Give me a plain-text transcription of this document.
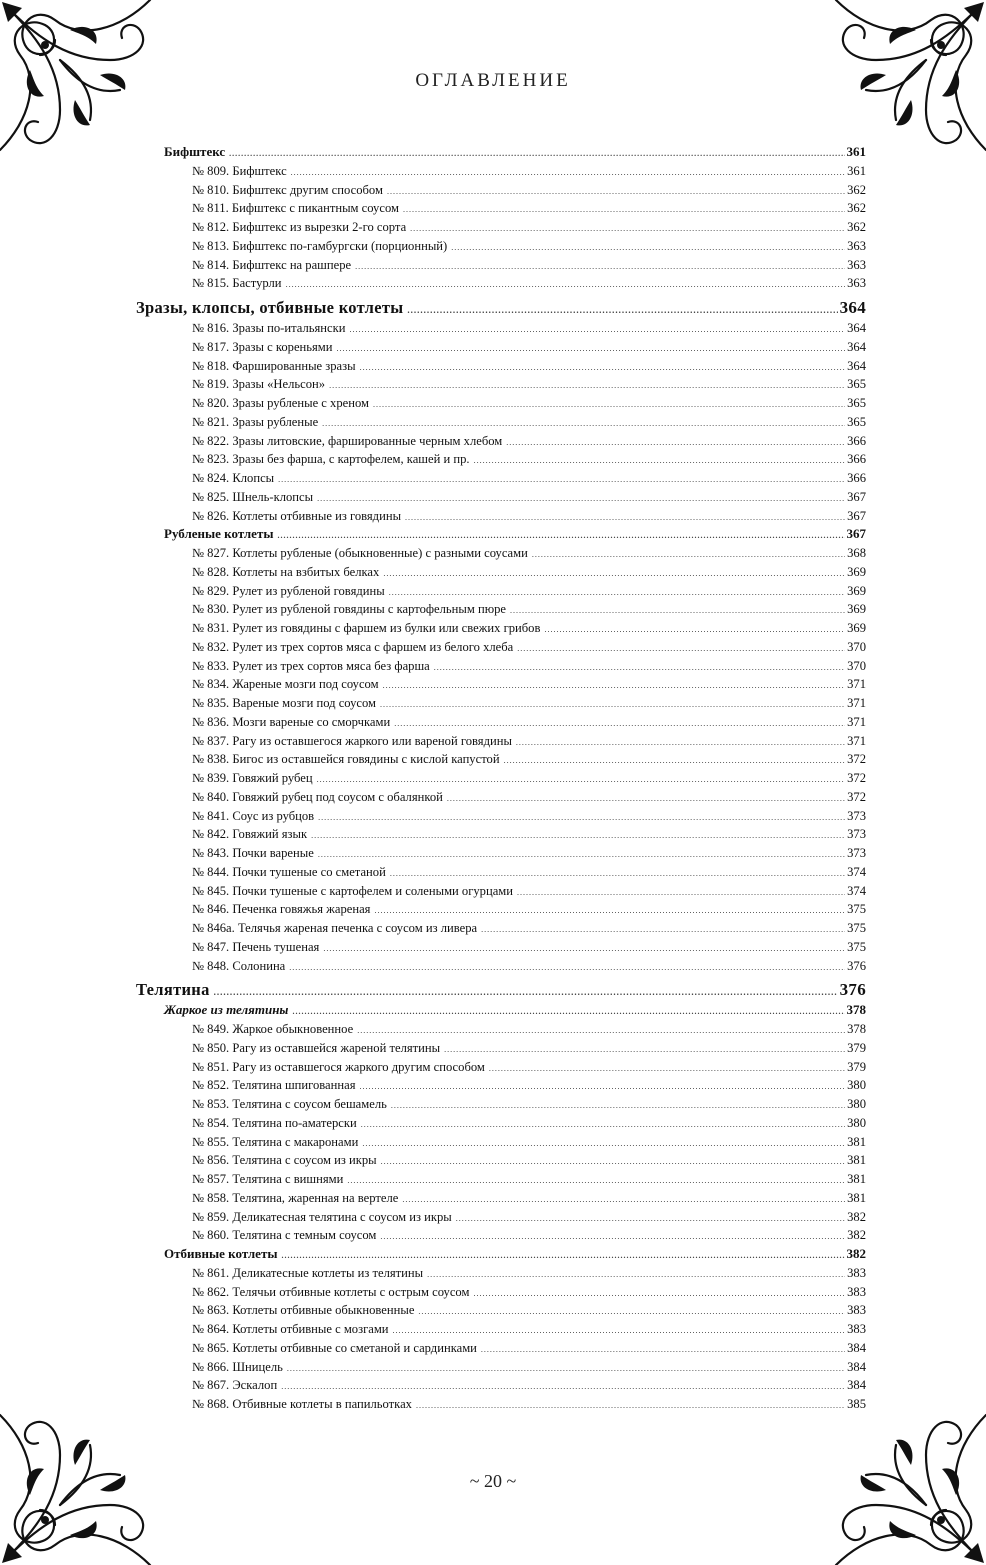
ОГЛАВЛЕНИЕ
Бифштекс .....	361
№ 809. Бифштекс .....	361
№ 810. Бифштекс другим способом .....	362
№ 811. Бифштекс с пикантным соусом .....	362
№ 812. Бифштекс из вырезки 2-го сорта .....	362
№ 813. Бифштекс по-гамбургски (порционный) .....	363
№ 814. Бифштекс на рашпере .....	363
№ 815. Бастурли .....	363
Зразы, клопсы, отбивные котлеты .....	364
№ 816. Зразы по-итальянски .....	364
№ 817. Зразы с кореньями .....	364
№ 818. Фаршированные зразы .....	364
№ 819. Зразы «Нельсон» .....	365
№ 820. Зразы рубленые с хреном .....	365
№ 821. Зразы рубленые .....	365
№ 822. Зразы литовские, фаршированные черным хлебом .....	366
№ 823. Зразы без фарша, с картофелем, кашей и пр. .....	366
№ 824. Клопсы .....	366
№ 825. Шнель-клопсы .....	367
№ 826. Котлеты отбивные из говядины .....	367
Рубленые котлеты .....	367
№ 827. Котлеты рубленые (обыкновенные) с разными соусами .....	368
№ 828. Котлеты на взбитых белках .....	369
№ 829. Рулет из рубленой говядины .....	369
№ 830. Рулет из рубленой говядины с картофельным пюре .....	369
№ 831. Рулет из говядины с фаршем из булки или свежих грибов .....	369
№ 832. Рулет из трех сортов мяса с фаршем из белого хлеба .....	370
№ 833. Рулет из трех сортов мяса без фарша .....	370
№ 834. Жареные мозги под соусом .....	371
№ 835. Вареные мозги под соусом .....	371
№ 836. Мозги вареные со сморчками .....	371
№ 837. Рагу из оставшегося жаркого или вареной говядины .....	371
№ 838. Бигос из оставшейся говядины с кислой капустой .....	372
№ 839. Говяжий рубец .....	372
№ 840. Говяжий рубец под соусом с обалянкой .....	372
№ 841. Соус из рубцов .....	373
№ 842. Говяжий язык .....	373
№ 843. Почки вареные .....	373
№ 844. Почки тушеные со сметаной .....	374
№ 845. Почки тушеные с картофелем и солеными огурцами .....	374
№ 846. Печенка говяжья жареная .....	375
№ 846а. Телячья жареная печенка с соусом из ливера .....	375
№ 847. Печень тушеная .....	375
№ 848. Солонина .....	376
Телятина .....	376
Жаркое из телятины .....	378
№ 849. Жаркое обыкновенное .....	378
№ 850. Рагу из оставшейся жареной телятины .....	379
№ 851. Рагу из оставшегося жаркого другим способом .....	379
№ 852. Телятина шпигованная .....	380
№ 853. Телятина с соусом бешамель .....	380
№ 854. Телятина по-аматерски .....	380
№ 855. Телятина с макаронами .....	381
№ 856. Телятина с соусом из икры .....	381
№ 857. Телятина с вишнями .....	381
№ 858. Телятина, жаренная на вертеле .....	381
№ 859. Деликатесная телятина с соусом из икры .....	382
№ 860. Телятина с темным соусом .....	382
Отбивные котлеты .....	382
№ 861. Деликатесные котлеты из телятины .....	383
№ 862. Телячьи отбивные котлеты с острым соусом .....	383
№ 863. Котлеты отбивные обыкновенные .....	383
№ 864. Котлеты отбивные с мозгами .....	383
№ 865. Котлеты отбивные со сметаной и сардинками .....	384
№ 866. Шницель .....	384
№ 867. Эскалоп .....	384
№ 868. Отбивные котлеты в папильотках .....	385
~ 20 ~
